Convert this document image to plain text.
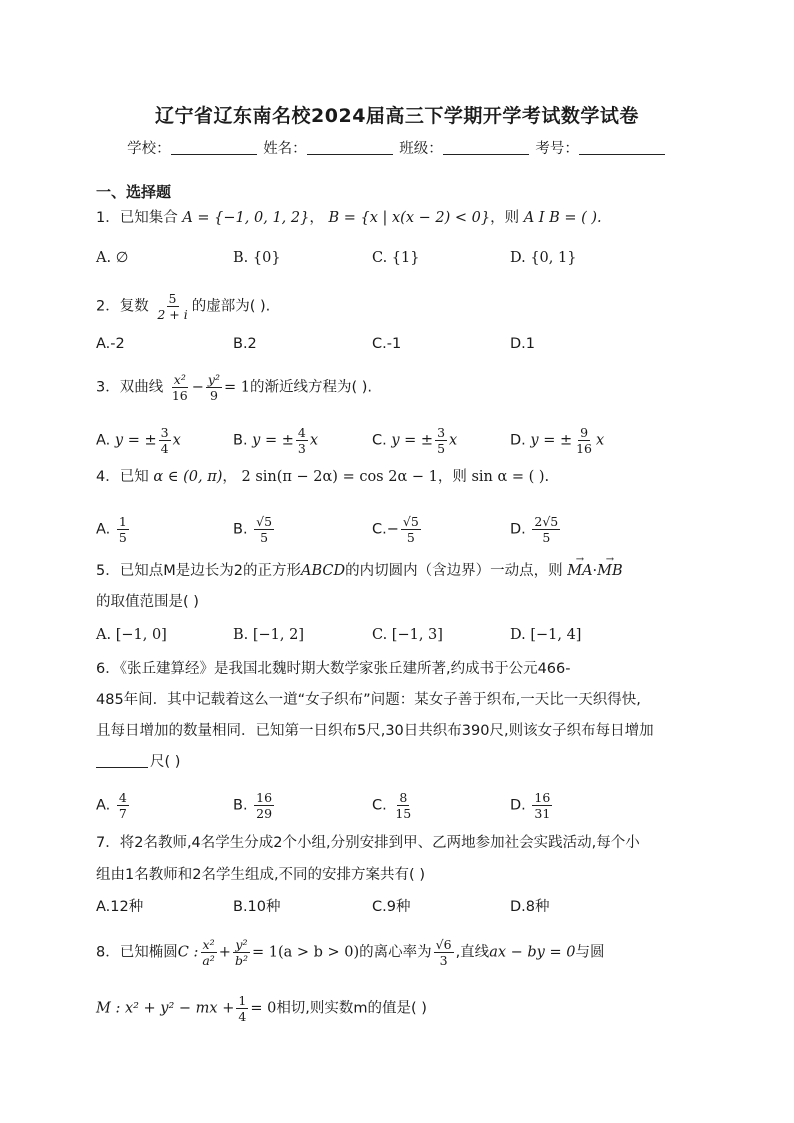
辽宁省辽东南名校2024届高三下学期开学考试数学试卷
学校：	姓名：	班级：	考号：
一、选择题
1．已知集合 A = {−1, 0, 1, 2}， B = {x | x(x − 2) < 0}，则 A I B = ( ).
A. ∅	B. {0}	C. {1}	D. {0, 1}
2．复数 $\frac{5}{2 + i}$ 的虚部为( ).
A.-2	B.2	C.-1	D.1
3．双曲线 $\frac{\text{x²}}{16} - \frac{\text{y²}}{9} = 1$的渐近线方程为( ).
A. y = ± $\frac{3}{4}$ x	B. y = ± $\frac{4}{3}$ x	C. y = ± $\frac{3}{5}$ x	D. y = ± $\frac{9}{16}$ x
4．已知 α ∈ (0, π)， 2 sin(π − 2α) = cos 2α − 1，则 sin α = ( ).
A. $\frac{1}{5}$	B. $\frac{√5}{5}$	$C.- \frac{√5}{5}$	D. $\frac{2√5}{5}$
5．已知点M是边长为2的正方形ABCD的内切圆内（含边界）一动点，则 → MA·→ MB
的取值范围是( )
A. [−1, 0]	B. [−1, 2]	C. [−1, 3]	D. [−1, 4]
6．《张丘建算经》是我国北魏时期大数学家张丘建所著,约成书于公元466-
485年间．其中记载着这么一道“女子织布”问题：某女子善于织布,一天比一天织得快,
且每日增加的数量相同．已知第一日织布5尺,30日共织布390尺,则该女子织布每日增加
尺( )
A. $\frac{4}{7}$	B. $\frac{16}{29}$	C. $\frac{8}{15}$	D. $\frac{16}{31}$
7．将2名教师,4名学生分成2个小组,分别安排到甲、乙两地参加社会实践活动,每个小
组由1名教师和2名学生组成,不同的安排方案共有( )
A.12种	B.10种	C.9种	D.8种
8．已知椭圆C : $\frac{\text{x²}}{\text{a²}} + \frac{\text{y²}}{\text{b²}} = 1(a > b > 0)$的离心率为 $\frac{√6}{3}$ ,直线ax − by = 0与圆
M : x² + y² − mx + $\frac{1}{4} = 0$相切,则实数m的值是( )
